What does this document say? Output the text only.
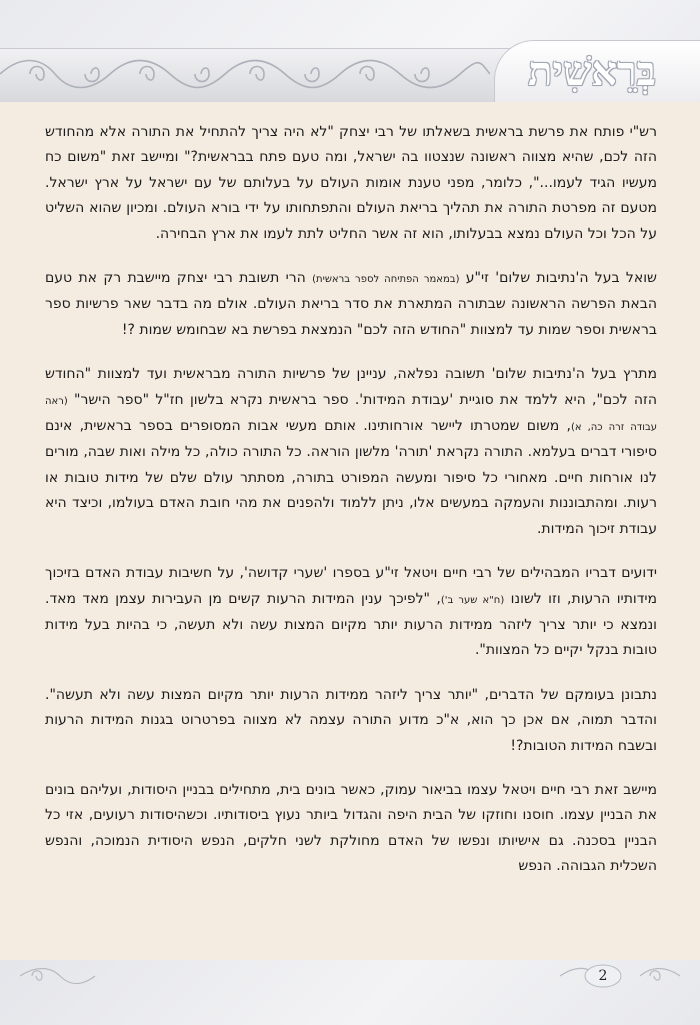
בְּרֵאשִׁית

רש"י פותח את פרשת בראשית בשאלתו של רבי יצחק "לא היה צריך להתחיל את התורה אלא מהחודש הזה לכם, שהיא מצווה ראשונה שנצטוו בה ישראל, ומה טעם פתח בבראשית?" ומיישב זאת "משום כח מעשיו הגיד לעמו...", כלומר, מפני טענת אומות העולם על בעלותם של עם ישראל על ארץ ישראל. מטעם זה מפרטת התורה את תהליך בריאת העולם והתפתחותו על ידי בורא העולם. ומכיון שהוא השליט על הכל וכל העולם נמצא בבעלותו, הוא זה אשר החליט לתת לעמו את ארץ הבחירה.

שואל בעל ה'נתיבות שלום' זי"ע (במאמר הפתיחה לספר בראשית) הרי תשובת רבי יצחק מיישבת רק את טעם הבאת הפרשה הראשונה שבתורה המתארת את סדר בריאת העולם. אולם מה בדבר שאר פרשיות ספר בראשית וספר שמות עד למצוות "החודש הזה לכם" הנמצאת בפרשת בא שבחומש שמות ?!

מתרץ בעל ה'נתיבות שלום' תשובה נפלאה, עניינן של פרשיות התורה מבראשית ועד למצוות "החודש הזה לכם", היא ללמד את סוגיית 'עבודת המידות'. ספר בראשית נקרא בלשון חז"ל "ספר הישר" (ראה עבודה זרה כה, א), משום שמטרתו ליישר אורחותינו. אותם מעשי אבות המסופרים בספר בראשית, אינם סיפורי דברים בעלמא. התורה נקראת 'תורה' מלשון הוראה. כל התורה כולה, כל מילה ואות שבה, מורים לנו אורחות חיים. מאחורי כל סיפור ומעשה המפורט בתורה, מסתתר עולם שלם של מידות טובות או רעות. ומהתבוננות והעמקה במעשים אלו, ניתן ללמוד ולהפנים את מהי חובת האדם בעולמו, וכיצד היא עבודת זיכוך המידות.

ידועים דבריו המבהילים של רבי חיים ויטאל זי"ע בספרו 'שערי קדושה', על חשיבות עבודת האדם בזיכוך מידותיו הרעות, וזו לשונו (ח"א שער ב'), "לפיכך ענין המידות הרעות קשים מן העבירות עצמן מאד מאד. ונמצא כי יותר צריך ליזהר ממידות הרעות יותר מקיום המצות עשה ולא תעשה, כי בהיות בעל מידות טובות בנקל יקיים כל המצוות".

נתבונן בעומקם של הדברים, "יותר צריך ליזהר ממידות הרעות יותר מקיום המצות עשה ולא תעשה". והדבר תמוה, אם אכן כך הוא, א"כ מדוע התורה עצמה לא מצווה בפרטרוט בגנות המידות הרעות ובשבח המידות הטובות?!

מיישב זאת רבי חיים ויטאל עצמו בביאור עמוק, כאשר בונים בית, מתחילים בבניין היסודות, ועליהם בונים את הבניין עצמו. חוסנו וחוזקו של הבית היפה והגדול ביותר נעוץ ביסודותיו. וכשהיסודות רעועים, אזי כל הבניין בסכנה. גם אישיותו ונפשו של האדם מחולקת לשני חלקים, הנפש היסודית הנמוכה, והנפש השכלית הגבוהה. הנפש

2
